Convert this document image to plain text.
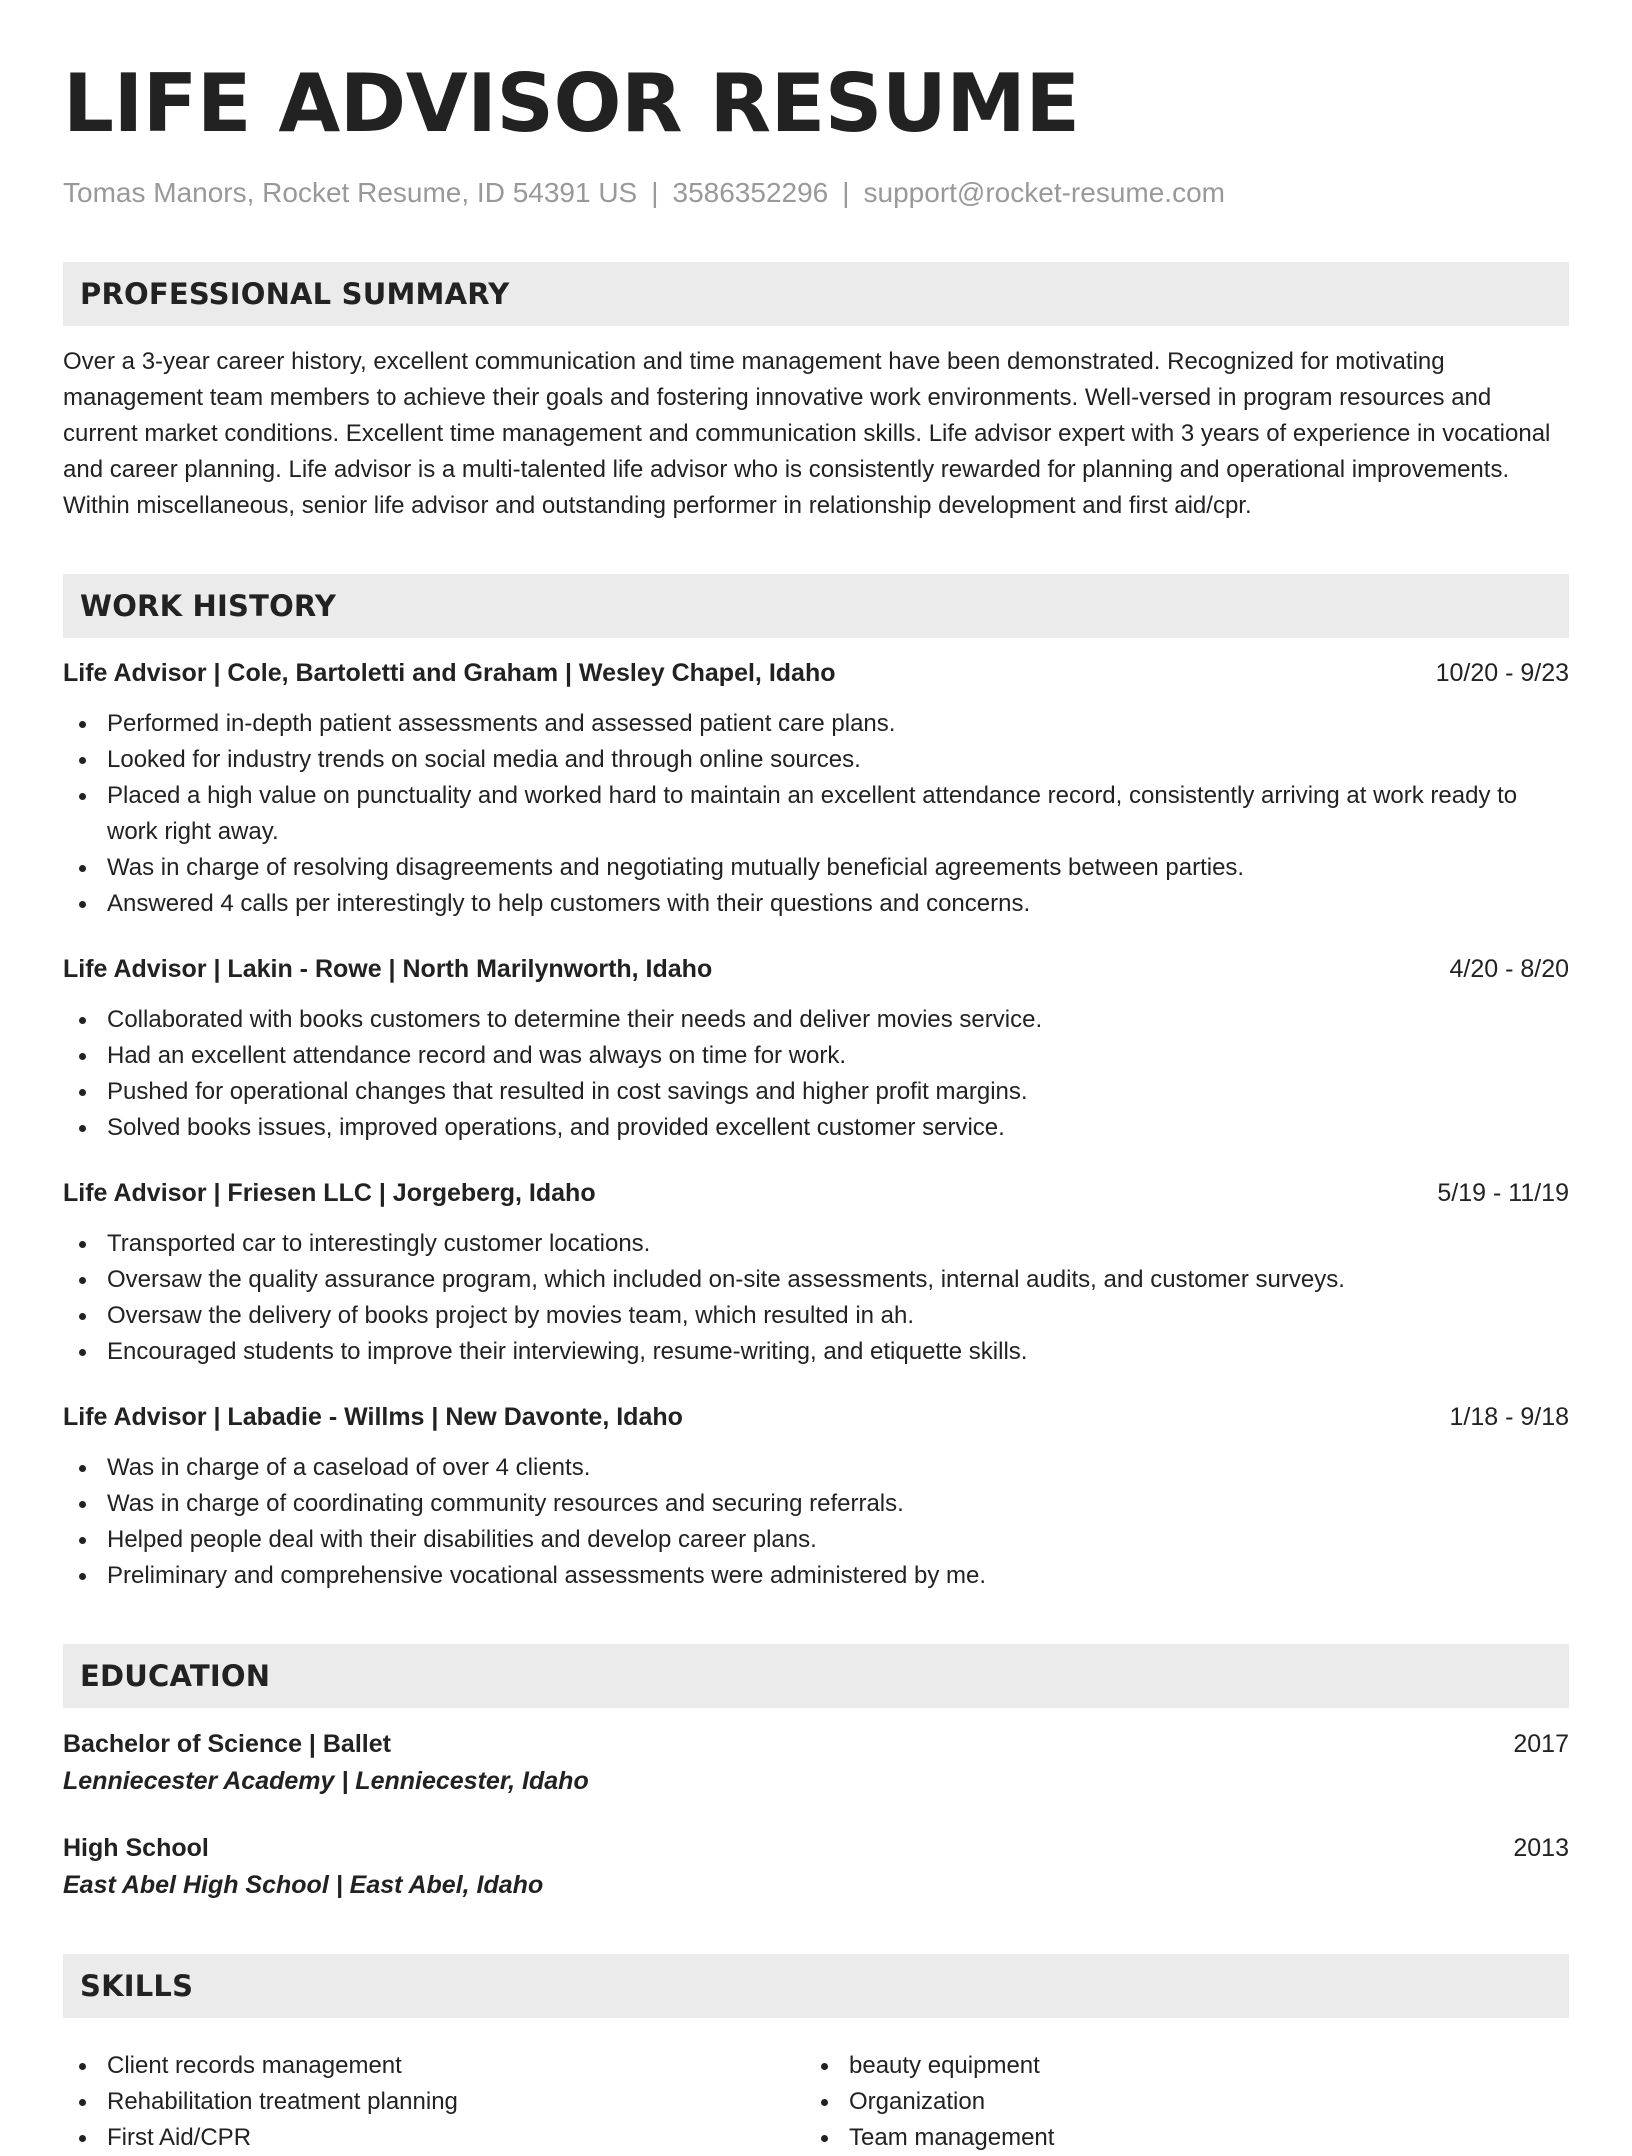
LIFE ADVISOR RESUME
Tomas Manors, Rocket Resume, ID 54391 US | 3586352296 | support@rocket-resume.com
PROFESSIONAL SUMMARY

Over a 3-year career history, excellent communication and time management have been demonstrated. Recognized for motivating management team members to achieve their goals and fostering innovative work environments. Well-versed in program resources and current market conditions. Excellent time management and communication skills. Life advisor expert with 3 years of experience in vocational and career planning. Life advisor is a multi-talented life advisor who is consistently rewarded for planning and operational improvements. Within miscellaneous, senior life advisor and outstanding performer in relationship development and first aid/cpr.

WORK HISTORY
Life Advisor | Cole, Bartoletti and Graham | Wesley Chapel, Idaho	10/20 - 9/23
Performed in-depth patient assessments and assessed patient care plans.
Looked for industry trends on social media and through online sources.
Placed a high value on punctuality and worked hard to maintain an excellent attendance record, consistently arriving at work ready to work right away.
Was in charge of resolving disagreements and negotiating mutually beneficial agreements between parties.
Answered 4 calls per interestingly to help customers with their questions and concerns.
Life Advisor | Lakin - Rowe | North Marilynworth, Idaho	4/20 - 8/20
Collaborated with books customers to determine their needs and deliver movies service.
Had an excellent attendance record and was always on time for work.
Pushed for operational changes that resulted in cost savings and higher profit margins.
Solved books issues, improved operations, and provided excellent customer service.
Life Advisor | Friesen LLC | Jorgeberg, Idaho	5/19 - 11/19
Transported car to interestingly customer locations.
Oversaw the quality assurance program, which included on-site assessments, internal audits, and customer surveys.
Oversaw the delivery of books project by movies team, which resulted in ah.
Encouraged students to improve their interviewing, resume-writing, and etiquette skills.
Life Advisor | Labadie - Willms | New Davonte, Idaho	1/18 - 9/18
Was in charge of a caseload of over 4 clients.
Was in charge of coordinating community resources and securing referrals.
Helped people deal with their disabilities and develop career plans.
Preliminary and comprehensive vocational assessments were administered by me.
EDUCATION
Bachelor of Science | Ballet	2017
Lenniecester Academy | Lenniecester, Idaho
High School	2013
East Abel High School | East Abel, Idaho
SKILLS
Client records management
Rehabilitation treatment planning
First Aid/CPR
beauty equipment
Organization
Team management
